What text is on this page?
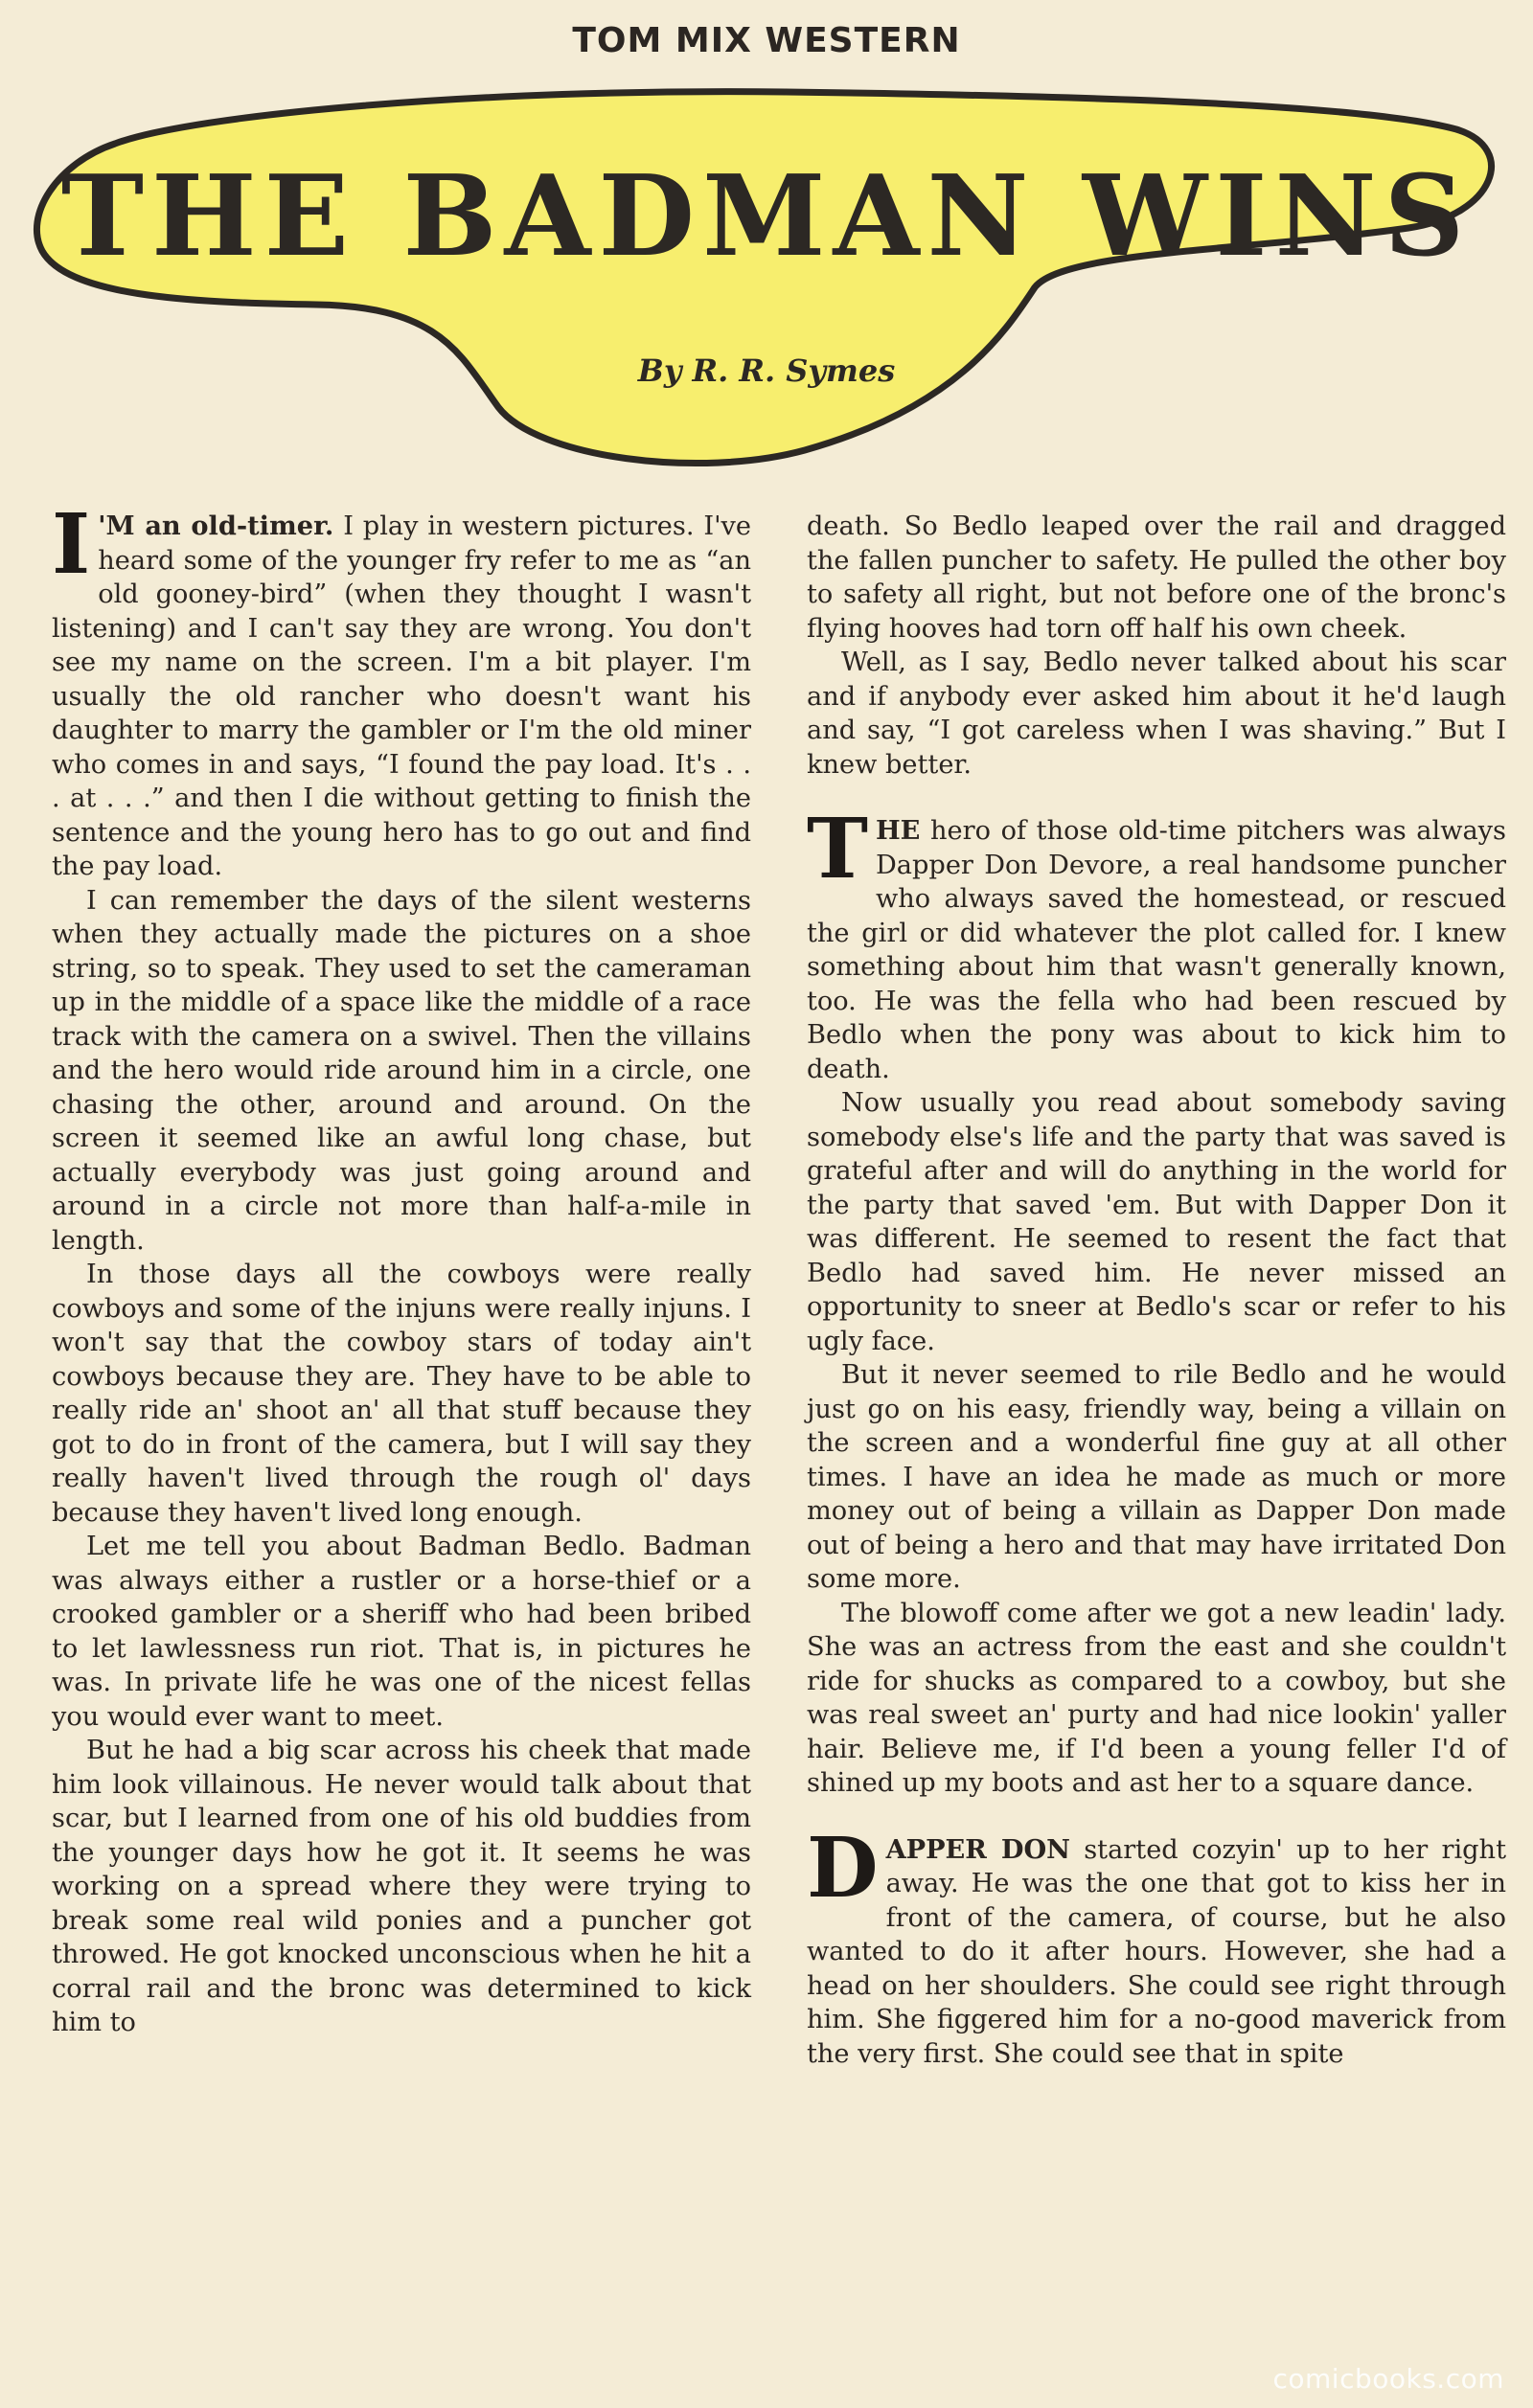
TOM MIX WESTERN
THE BADMAN WINS
By R. R. Symes

I 'M an old-timer. I play in western pictures. I've heard some of the younger fry refer to me as “an old gooney-bird” (when they thought I wasn't listening) and I can't say they are wrong. You don't see my name on the screen. I'm a bit player. I'm usually the old rancher who doesn't want his daughter to marry the gambler or I'm the old miner who comes in and says, “I found the pay load. It's . . . at . . .” and then I die without getting to finish the sentence and the young hero has to go out and find the pay load.

I can remember the days of the silent westerns when they actually made the pictures on a shoe string, so to speak. They used to set the cameraman up in the middle of a space like the middle of a race track with the camera on a swivel. Then the villains and the hero would ride around him in a circle, one chasing the other, around and around. On the screen it seemed like an awful long chase, but actually everybody was just going around and around in a circle not more than half-a-mile in length.

In those days all the cowboys were really cowboys and some of the injuns were really injuns. I won't say that the cowboy stars of today ain't cowboys because they are. They have to be able to really ride an' shoot an' all that stuff because they got to do in front of the camera, but I will say they really haven't lived through the rough ol' days because they haven't lived long enough.

Let me tell you about Badman Bedlo. Badman was always either a rustler or a horse-thief or a crooked gambler or a sheriff who had been bribed to let lawlessness run riot. That is, in pictures he was. In private life he was one of the nicest fellas you would ever want to meet.

But he had a big scar across his cheek that made him look villainous. He never would talk about that scar, but I learned from one of his old buddies from the younger days how he got it. It seems he was working on a spread where they were trying to break some real wild ponies and a puncher got throwed. He got knocked unconscious when he hit a corral rail and the bronc was determined to kick him to

death. So Bedlo leaped over the rail and dragged the fallen puncher to safety. He pulled the other boy to safety all right, but not before one of the bronc's flying hooves had torn off half his own cheek.

Well, as I say, Bedlo never talked about his scar and if anybody ever asked him about it he'd laugh and say, “I got careless when I was shaving.” But I knew better.

THE hero of those old-time pitchers was always Dapper Don Devore, a real handsome puncher who always saved the homestead, or rescued the girl or did whatever the plot called for. I knew something about him that wasn't generally known, too. He was the fella who had been rescued by Bedlo when the pony was about to kick him to death.

Now usually you read about somebody saving somebody else's life and the party that was saved is grateful after and will do anything in the world for the party that saved 'em. But with Dapper Don it was different. He seemed to resent the fact that Bedlo had saved him. He never missed an opportunity to sneer at Bedlo's scar or refer to his ugly face.

But it never seemed to rile Bedlo and he would just go on his easy, friendly way, being a villain on the screen and a wonderful fine guy at all other times. I have an idea he made as much or more money out of being a villain as Dapper Don made out of being a hero and that may have irritated Don some more.

The blowoff come after we got a new leadin' lady. She was an actress from the east and she couldn't ride for shucks as compared to a cowboy, but she was real sweet an' purty and had nice lookin' yaller hair. Believe me, if I'd been a young feller I'd of shined up my boots and ast her to a square dance.

DAPPER DON started cozyin' up to her right away. He was the one that got to kiss her in front of the camera, of course, but he also wanted to do it after hours. However, she had a head on her shoulders. She could see right through him. She figgered him for a no-good maverick from the very first. She could see that in spite

comicbooks.com
